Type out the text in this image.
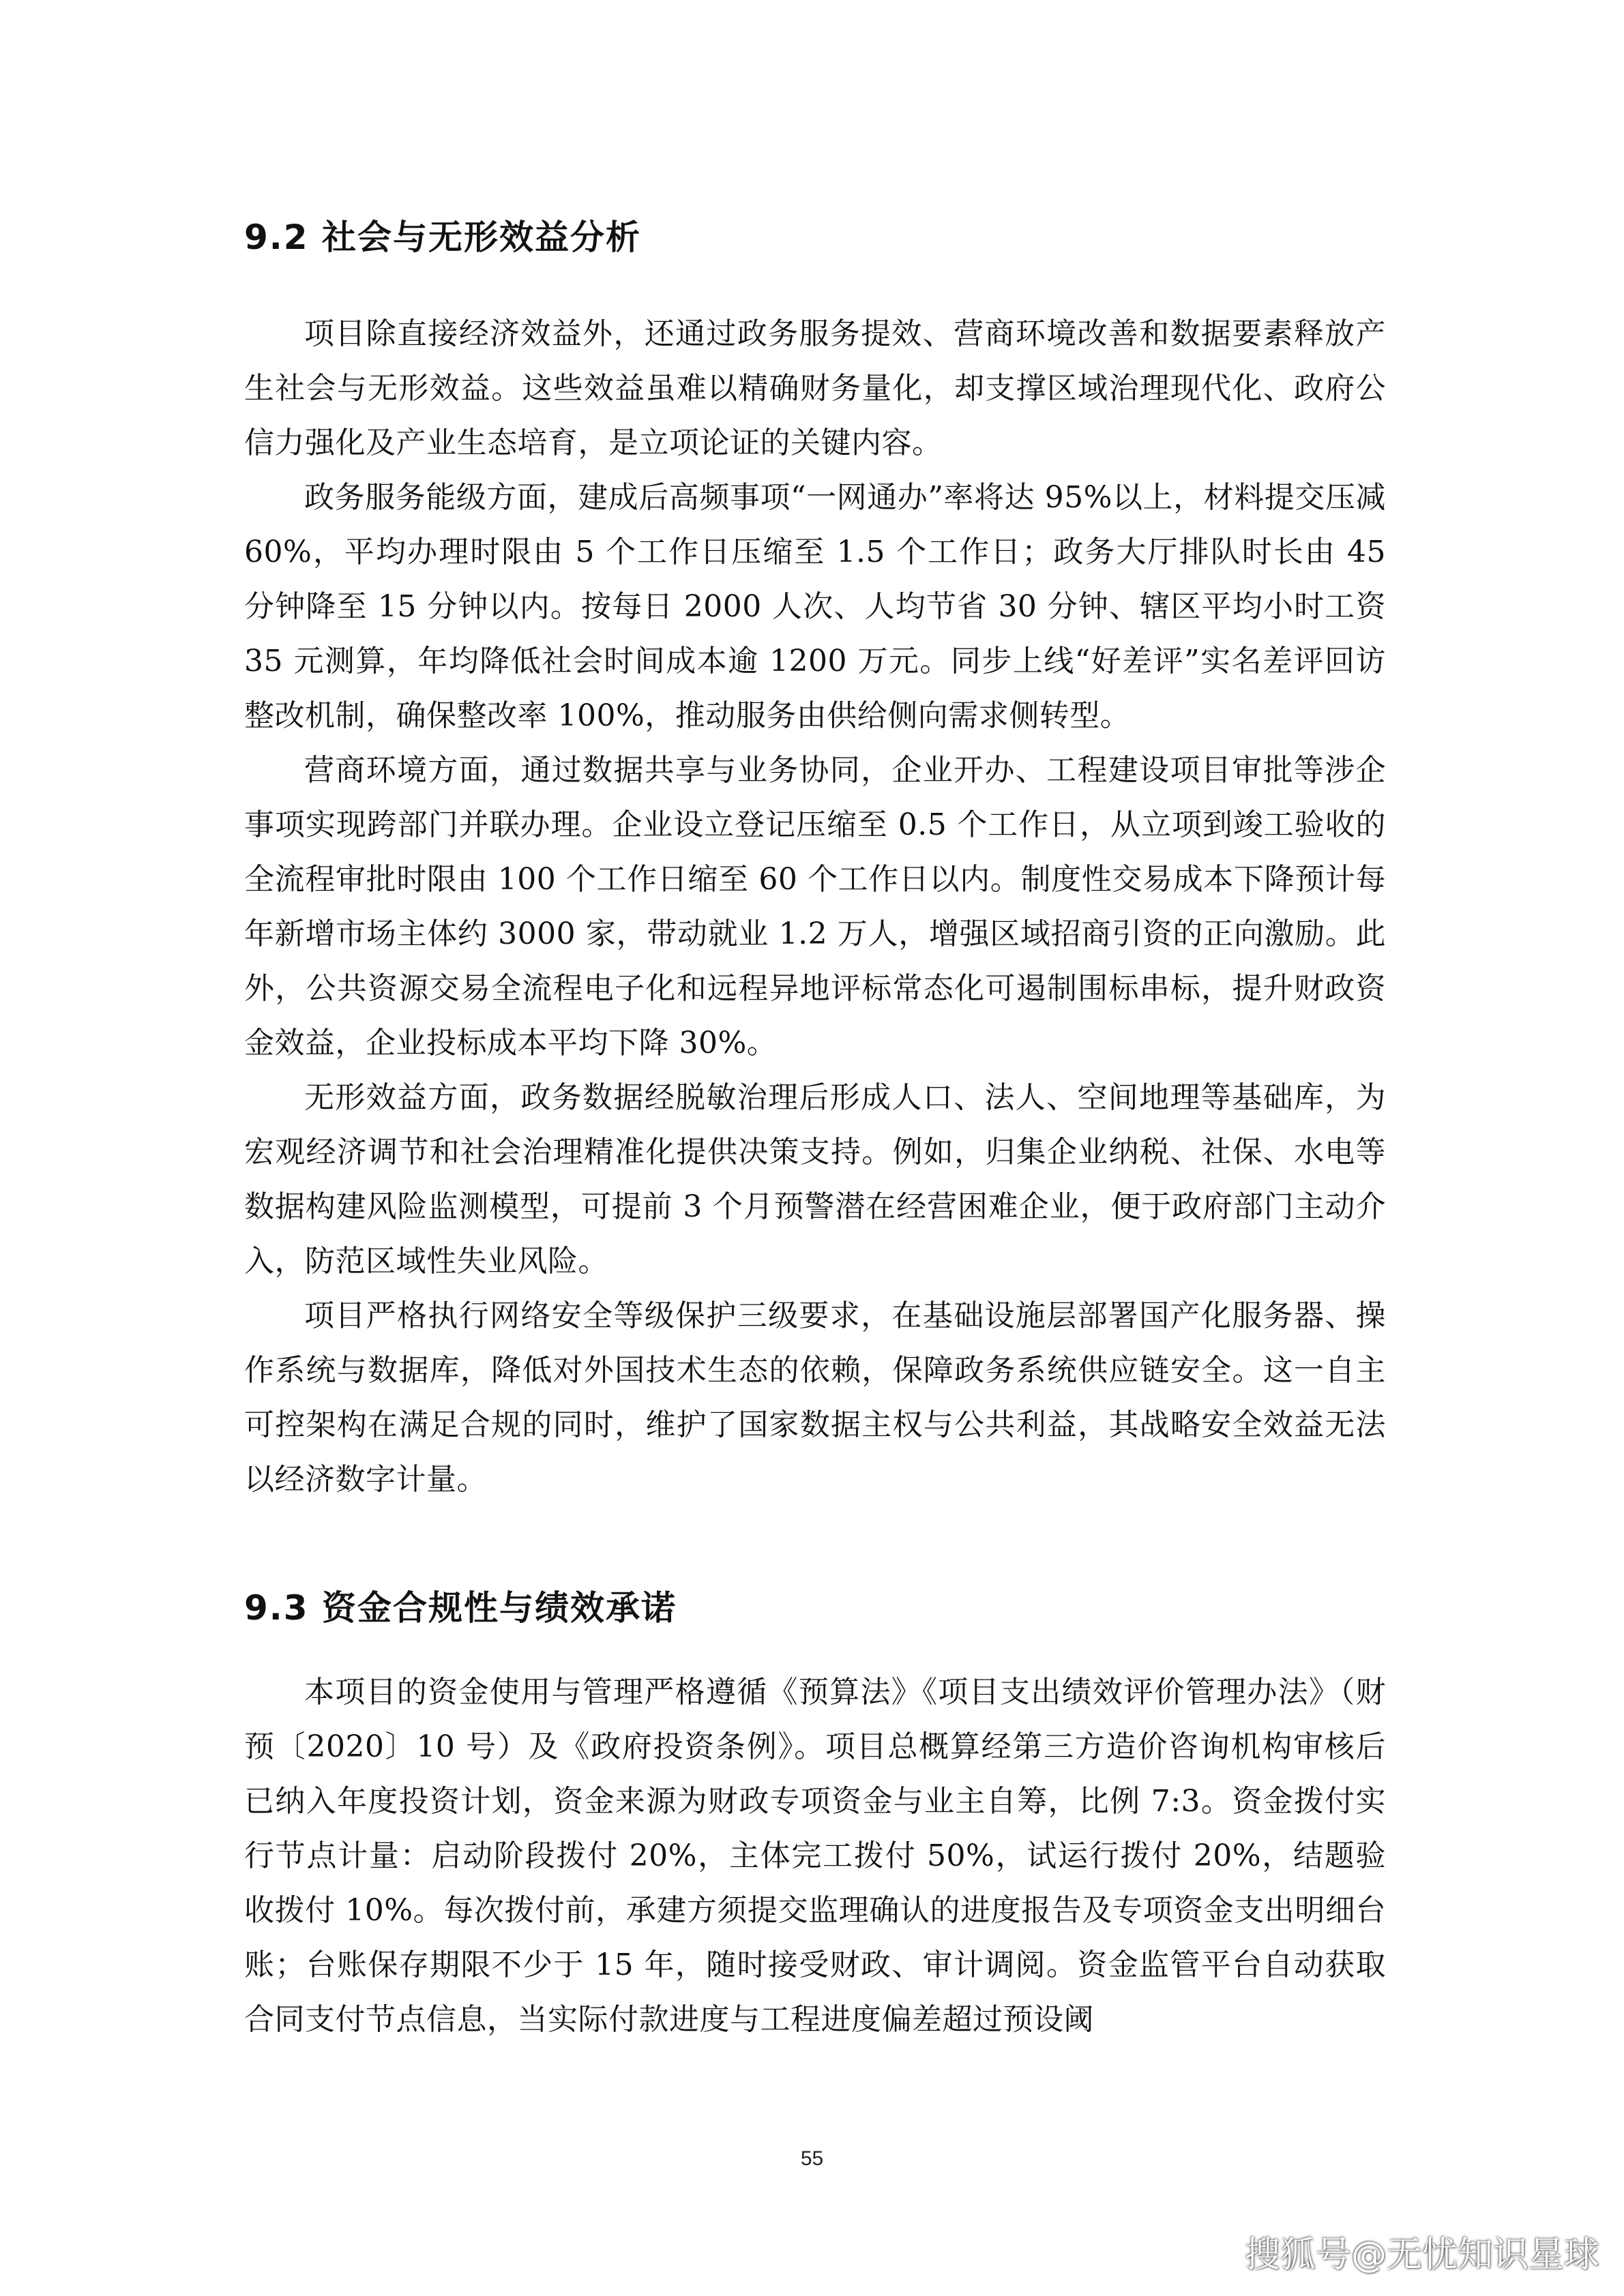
9.2 社会与无形效益分析

项目除直接经济效益外，还通过政务服务提效、营商环境改善和数据要素释放产生社会与无形效益。这些效益虽难以精确财务量化，却支撑区域治理现代化、政府公信力强化及产业生态培育，是立项论证的关键内容。

政务服务能级方面，建成后高频事项“一网通办”率将达 95%以上，材料提交压减 60%，平均办理时限由 5 个工作日压缩至 1.5 个工作日；政务大厅排队时长由 45 分钟降至 15 分钟以内。按每日 2000 人次、人均节省 30 分钟、辖区平均小时工资 35 元测算，年均降低社会时间成本逾 1200 万元。同步上线“好差评”实名差评回访整改机制，确保整改率 100%，推动服务由供给侧向需求侧转型。

营商环境方面，通过数据共享与业务协同，企业开办、工程建设项目审批等涉企事项实现跨部门并联办理。企业设立登记压缩至 0.5 个工作日，从立项到竣工验收的全流程审批时限由 100 个工作日缩至 60 个工作日以内。制度性交易成本下降预计每年新增市场主体约 3000 家，带动就业 1.2 万人，增强区域招商引资的正向激励。此外，公共资源交易全流程电子化和远程异地评标常态化可遏制围标串标，提升财政资金效益，企业投标成本平均下降 30%。

无形效益方面，政务数据经脱敏治理后形成人口、法人、空间地理等基础库，为宏观经济调节和社会治理精准化提供决策支持。例如，归集企业纳税、社保、水电等数据构建风险监测模型，可提前 3 个月预警潜在经营困难企业，便于政府部门主动介入，防范区域性失业风险。

项目严格执行网络安全等级保护三级要求，在基础设施层部署国产化服务器、操作系统与数据库，降低对外国技术生态的依赖，保障政务系统供应链安全。这一自主可控架构在满足合规的同时，维护了国家数据主权与公共利益，其战略安全效益无法以经济数字计量。

9.3 资金合规性与绩效承诺

本项目的资金使用与管理严格遵循《预算法》《项目支出绩效评价管理办法》（财预〔2020〕10 号）及《政府投资条例》。项目总概算经第三方造价咨询机构审核后已纳入年度投资计划，资金来源为财政专项资金与业主自筹，比例 7:3。资金拨付实行节点计量：启动阶段拨付 20%，主体完工拨付 50%，试运行拨付 20%，结题验收拨付 10%。每次拨付前，承建方须提交监理确认的进度报告及专项资金支出明细台账；台账保存期限不少于 15 年，随时接受财政、审计调阅。资金监管平台自动获取合同支付节点信息，当实际付款进度与工程进度偏差超过预设阈

55
搜狐号@无忧知识星球
